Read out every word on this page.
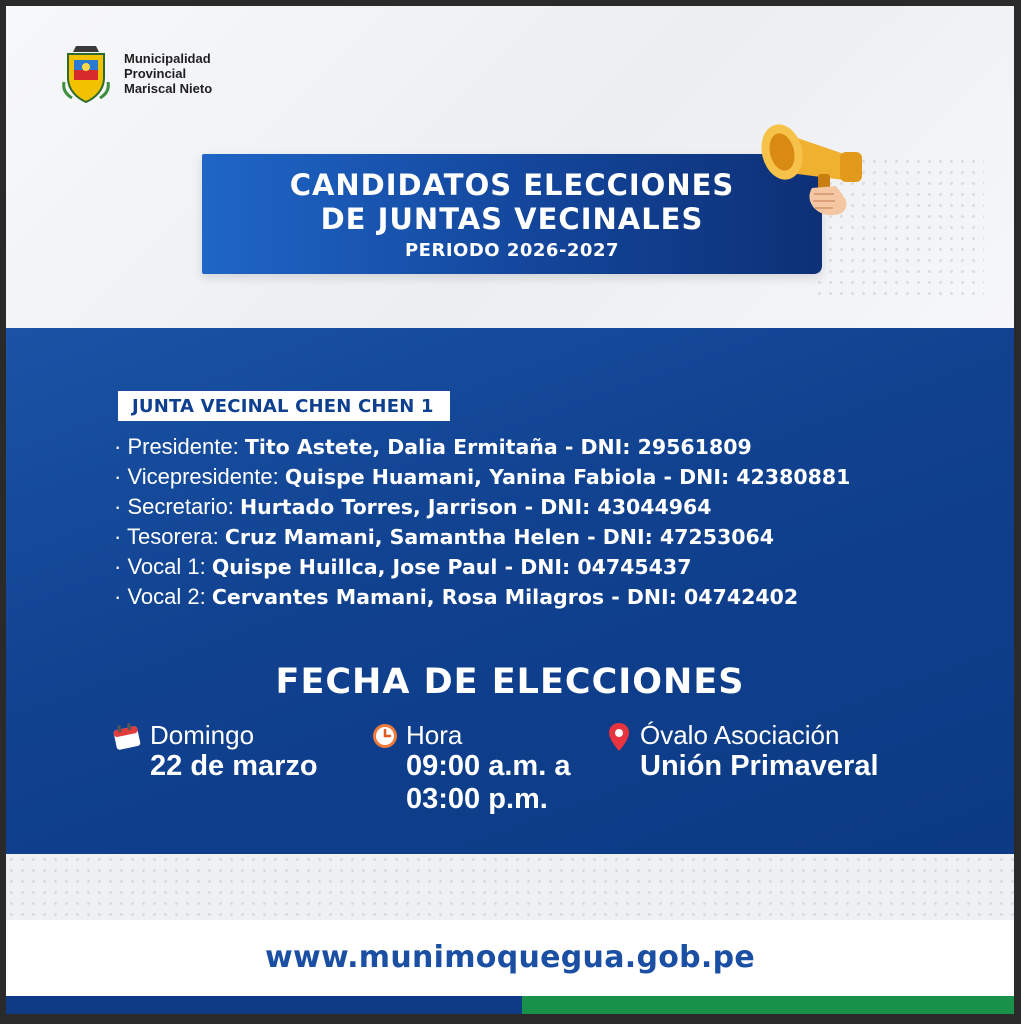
Municipalidad
Provincial
Mariscal Nieto
CANDIDATOS ELECCIONES
DE JUNTAS VECINALES
PERIODO 2026-2027
JUNTA VECINAL CHEN CHEN 1
· Presidente: Tito Astete, Dalia Ermitaña - DNI: 29561809
· Vicepresidente: Quispe Huamani, Yanina Fabiola - DNI: 42380881
· Secretario: Hurtado Torres, Jarrison - DNI: 43044964
· Tesorera: Cruz Mamani, Samantha Helen - DNI: 47253064
· Vocal 1: Quispe Huillca, Jose Paul - DNI: 04745437
· Vocal 2: Cervantes Mamani, Rosa Milagros - DNI: 04742402
FECHA DE ELECCIONES
Domingo
22 de marzo
Hora
09:00 a.m. a
03:00 p.m.
Óvalo Asociación
Unión Primaveral
www.munimoquegua.gob.pe
